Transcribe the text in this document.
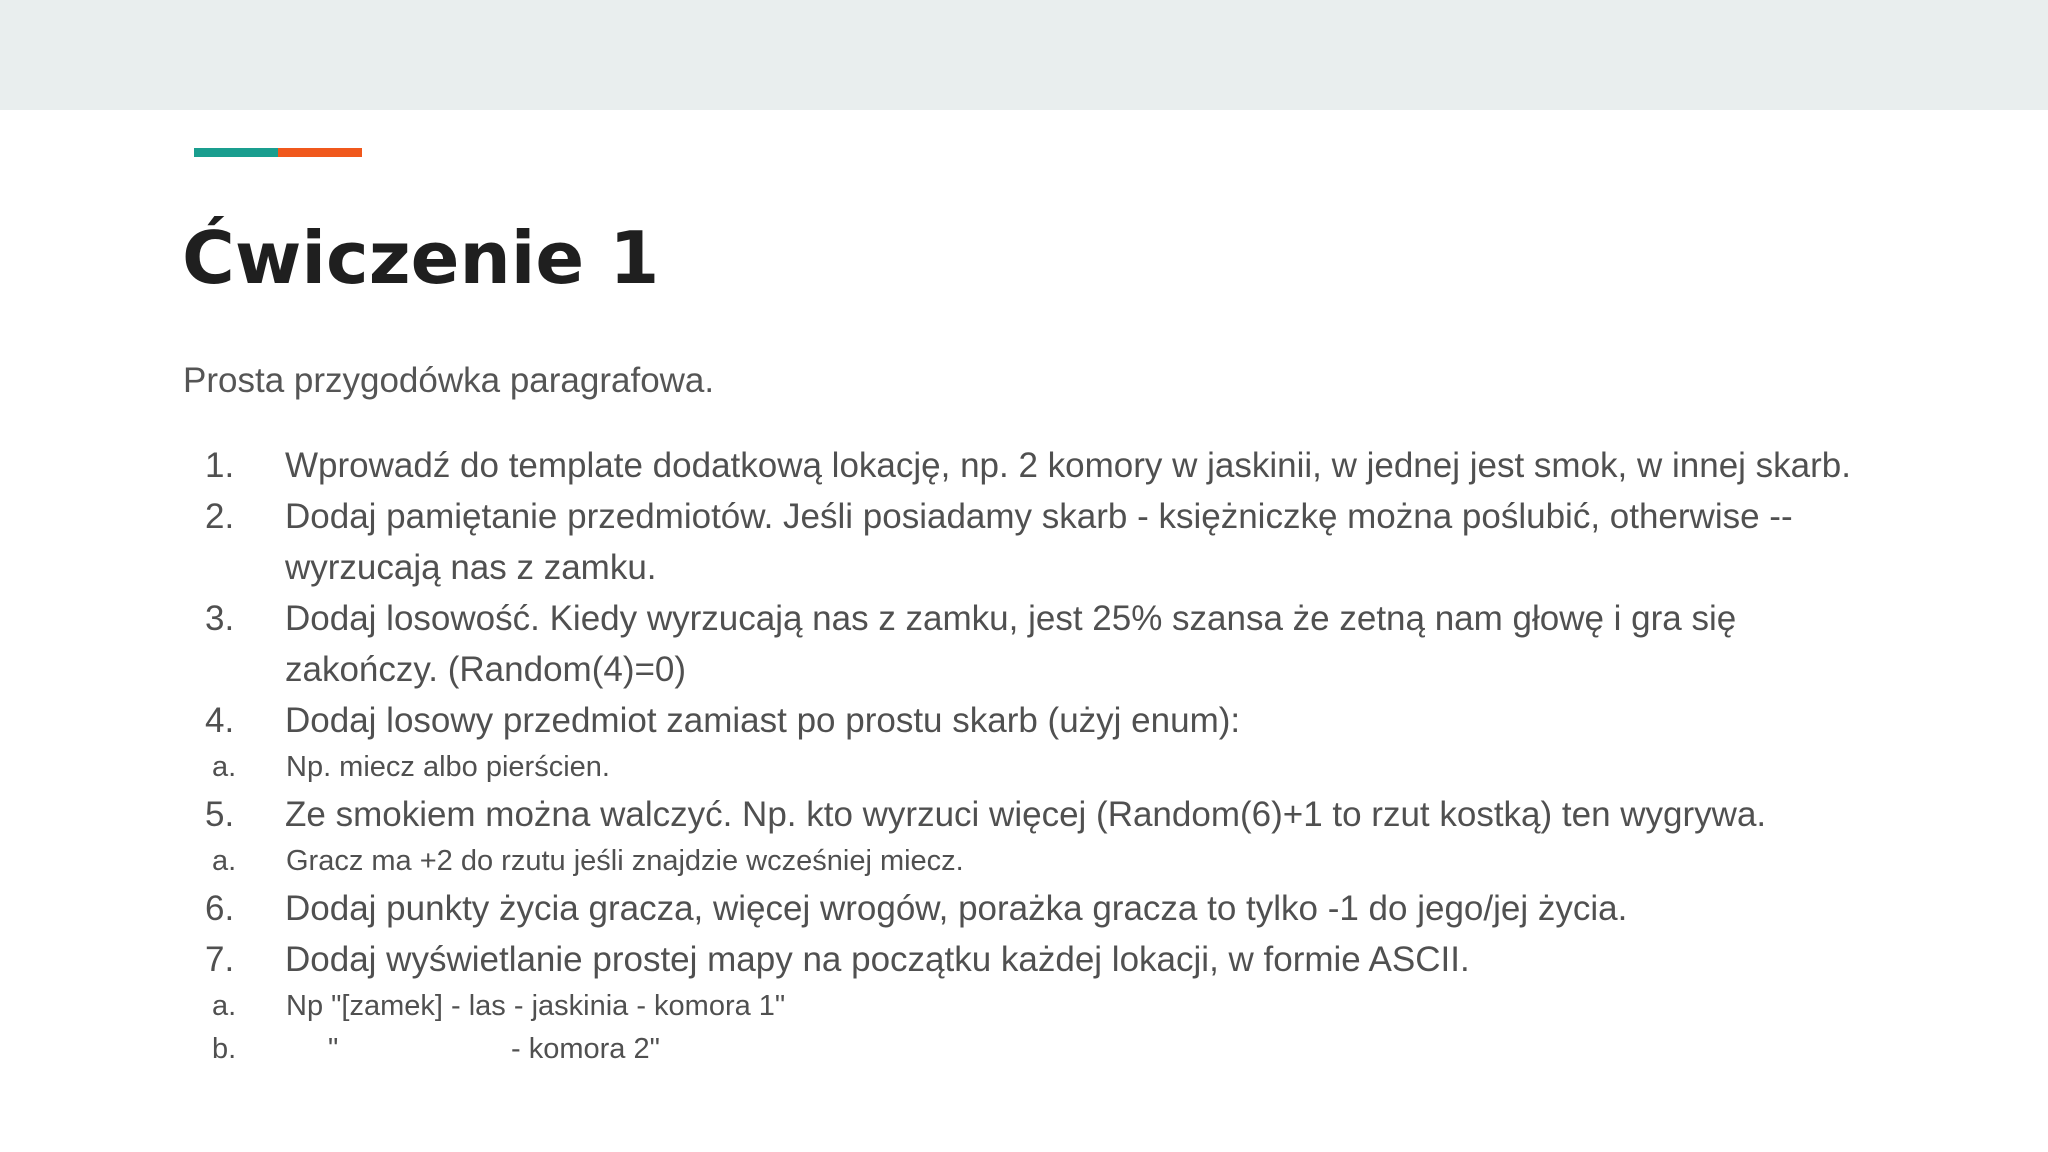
Ćwiczenie 1

Prosta przygodówka paragrafowa.

1. Wprowadź do template dodatkową lokację, np. 2 komory w jaskinii, w jednej jest smok, w innej skarb.
2. Dodaj pamiętanie przedmiotów. Jeśli posiadamy skarb - księżniczkę można poślubić, otherwise -- wyrzucają nas z zamku.
3. Dodaj losowość. Kiedy wyrzucają nas z zamku, jest 25% szansa że zetną nam głowę i gra się zakończy. (Random(4)=0)
4. Dodaj losowy przedmiot zamiast po prostu skarb (użyj enum):
a. Np. miecz albo pierścien.
5. Ze smokiem można walczyć. Np. kto wyrzuci więcej (Random(6)+1 to rzut kostką) ten wygrywa.
a. Gracz ma +2 do rzutu jeśli znajdzie wcześniej miecz.
6. Dodaj punkty życia gracza, więcej wrogów, porażka gracza to tylko -1 do jego/jej życia.
7. Dodaj wyświetlanie prostej mapy na początku każdej lokacji, w formie ASCII.
a. Np "[zamek] - las - jaskinia - komora 1"
b.	"	- komora 2"
